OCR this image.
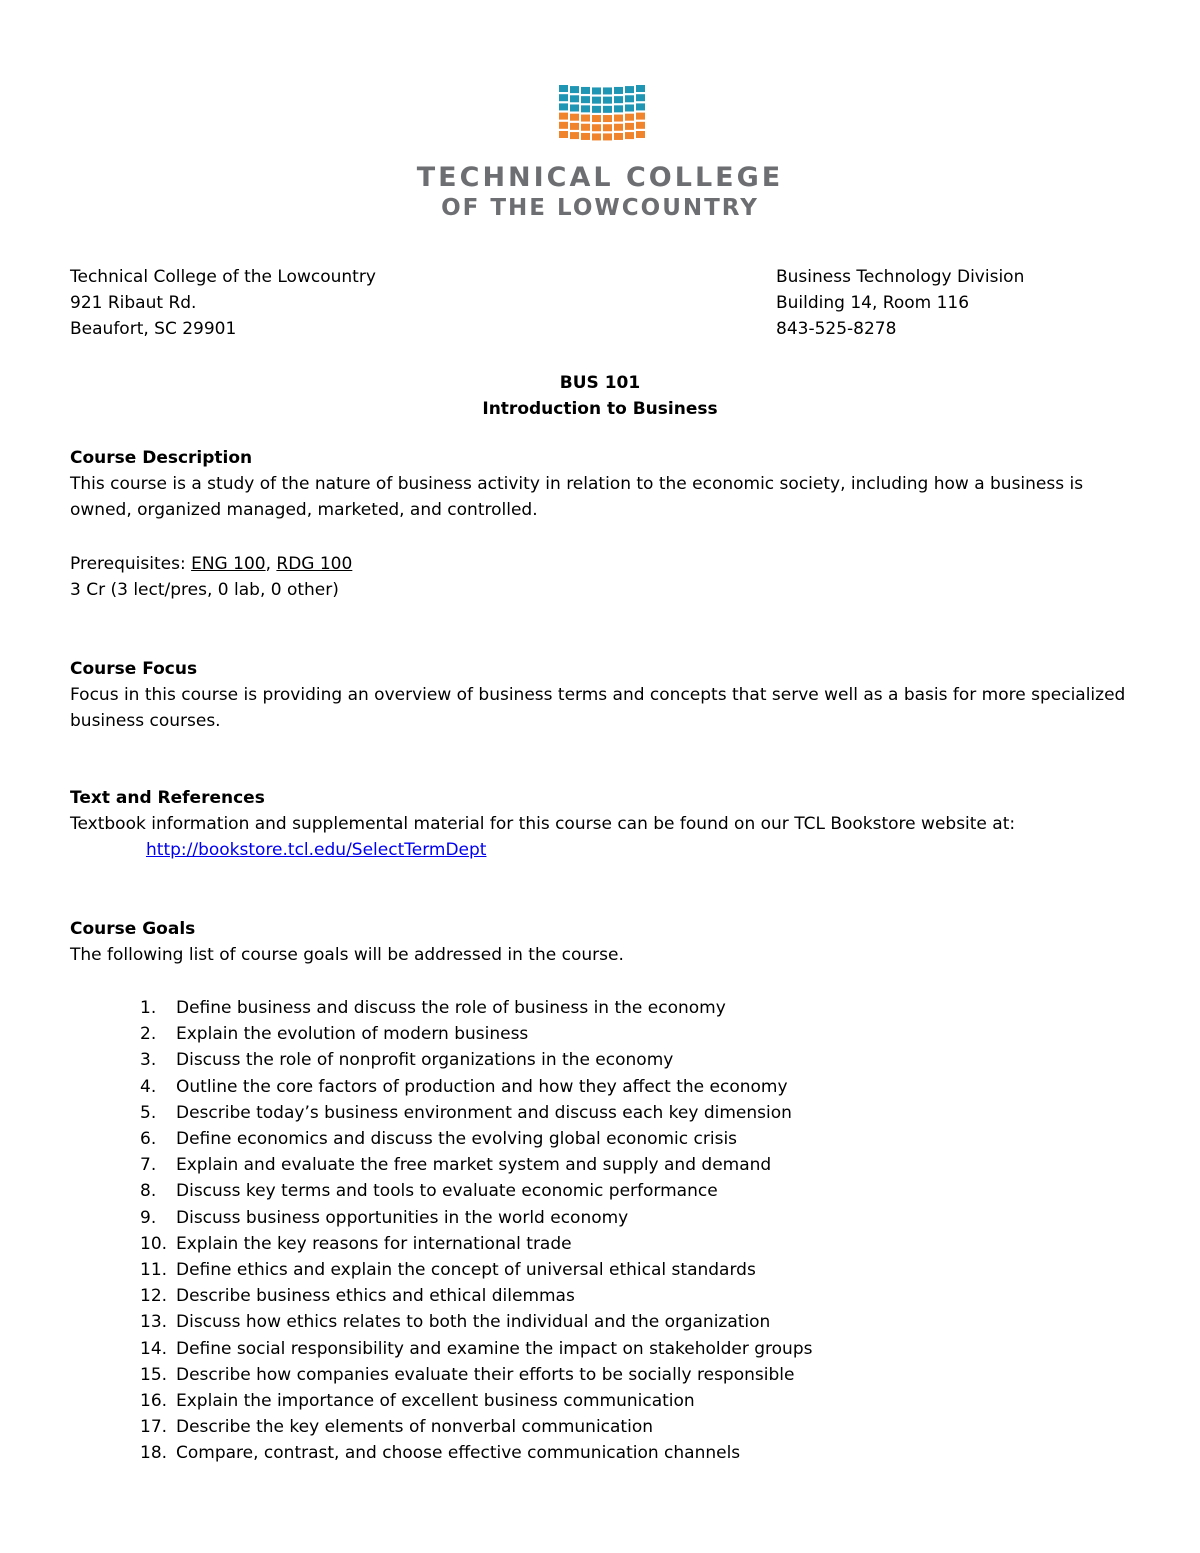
TECHNICAL COLLEGE
OF THE LOWCOUNTRY
Technical College of the Lowcountry
921 Ribaut Rd.
Beaufort, SC 29901
Business Technology Division
Building 14, Room 116
843-525-8278
BUS 101
Introduction to Business
Course Description
This course is a study of the nature of business activity in relation to the economic society, including how a business is owned, organized managed, marketed, and controlled.
Prerequisites: ENG 100, RDG 100
3 Cr (3 lect/pres, 0 lab, 0 other)
Course Focus
Focus in this course is providing an overview of business terms and concepts that serve well as a basis for more specialized business courses.
Text and References
Textbook information and supplemental material for this course can be found on our TCL Bookstore website at:
http://bookstore.tcl.edu/SelectTermDept
Course Goals
The following list of course goals will be addressed in the course.
1. Define business and discuss the role of business in the economy
2. Explain the evolution of modern business
3. Discuss the role of nonprofit organizations in the economy
4. Outline the core factors of production and how they affect the economy
5. Describe today’s business environment and discuss each key dimension
6. Define economics and discuss the evolving global economic crisis
7. Explain and evaluate the free market system and supply and demand
8. Discuss key terms and tools to evaluate economic performance
9. Discuss business opportunities in the world economy
10. Explain the key reasons for international trade
11. Define ethics and explain the concept of universal ethical standards
12. Describe business ethics and ethical dilemmas
13. Discuss how ethics relates to both the individual and the organization
14. Define social responsibility and examine the impact on stakeholder groups
15. Describe how companies evaluate their efforts to be socially responsible
16. Explain the importance of excellent business communication
17. Describe the key elements of nonverbal communication
18. Compare, contrast, and choose effective communication channels
